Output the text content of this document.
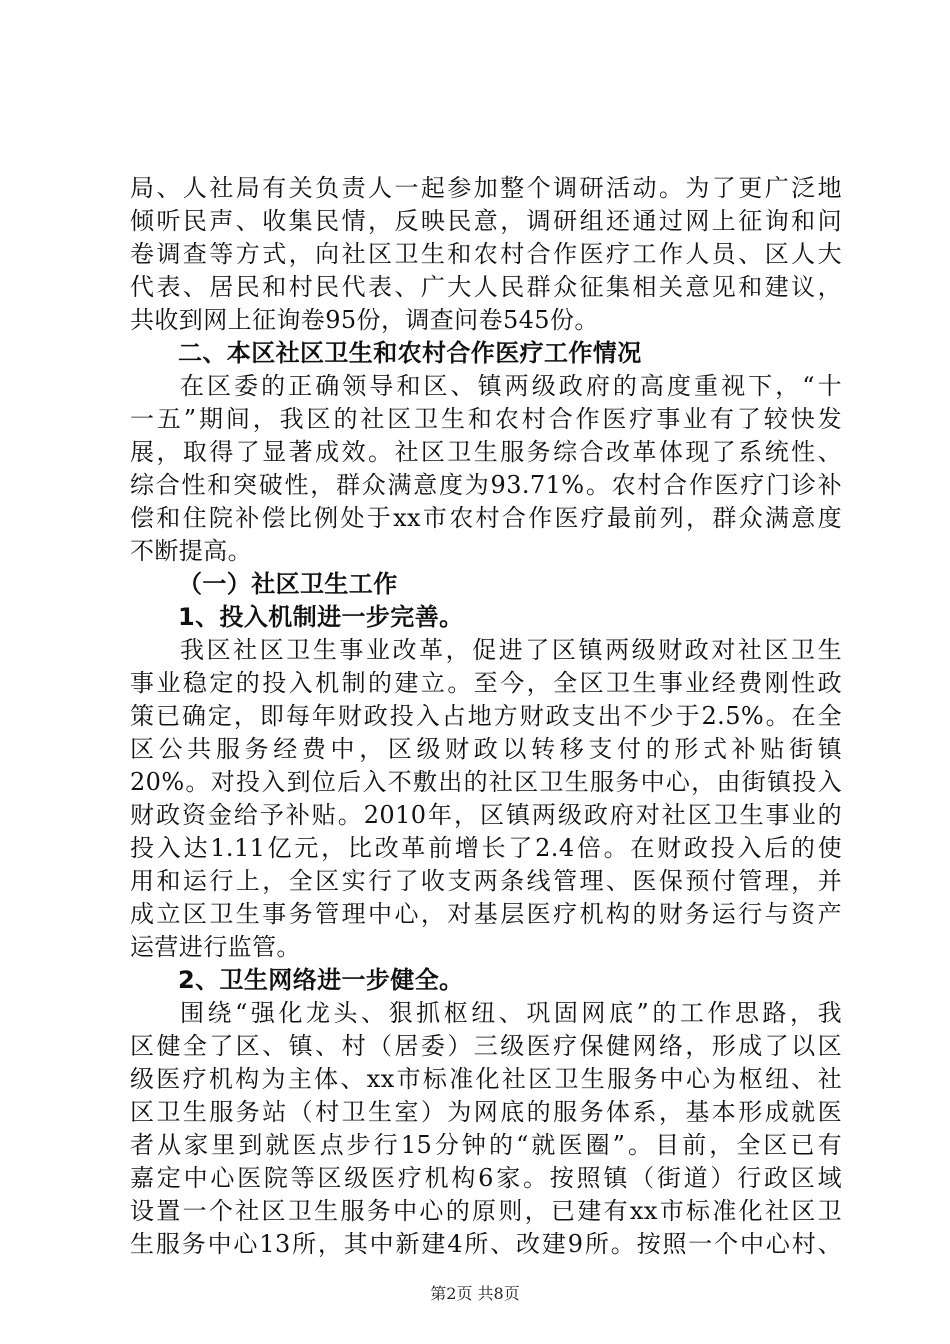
局、人社局有关负责人一起参加整个调研活动。为了更广泛地
倾听民声、收集民情，反映民意，调研组还通过网上征询和问
卷调查等方式，向社区卫生和农村合作医疗工作人员、区人大
代表、居民和村民代表、广大人民群众征集相关意见和建议，
共收到网上征询卷95份，调查问卷545份。
二、本区社区卫生和农村合作医疗工作情况
在区委的正确领导和区、镇两级政府的高度重视下，“十
一五”期间，我区的社区卫生和农村合作医疗事业有了较快发
展，取得了显著成效。社区卫生服务综合改革体现了系统性、
综合性和突破性，群众满意度为93.71%。农村合作医疗门诊补
偿和住院补偿比例处于xx市农村合作医疗最前列，群众满意度
不断提高。
（一）社区卫生工作
1、投入机制进一步完善。
我区社区卫生事业改革，促进了区镇两级财政对社区卫生
事业稳定的投入机制的建立。至今，全区卫生事业经费刚性政
策已确定，即每年财政投入占地方财政支出不少于2.5%。在全
区公共服务经费中，区级财政以转移支付的形式补贴街镇
20%。对投入到位后入不敷出的社区卫生服务中心，由街镇投入
财政资金给予补贴。2010年，区镇两级政府对社区卫生事业的
投入达1.11亿元，比改革前增长了2.4倍。在财政投入后的使
用和运行上，全区实行了收支两条线管理、医保预付管理，并
成立区卫生事务管理中心，对基层医疗机构的财务运行与资产
运营进行监管。
2、卫生网络进一步健全。
围绕“强化龙头、狠抓枢纽、巩固网底”的工作思路，我
区健全了区、镇、村（居委）三级医疗保健网络，形成了以区
级医疗机构为主体、xx市标准化社区卫生服务中心为枢纽、社
区卫生服务站（村卫生室）为网底的服务体系，基本形成就医
者从家里到就医点步行15分钟的“就医圈”。目前，全区已有
嘉定中心医院等区级医疗机构6家。按照镇（街道）行政区域
设置一个社区卫生服务中心的原则，已建有xx市标准化社区卫
生服务中心13所，其中新建4所、改建9所。按照一个中心村、
第2页 共8页
